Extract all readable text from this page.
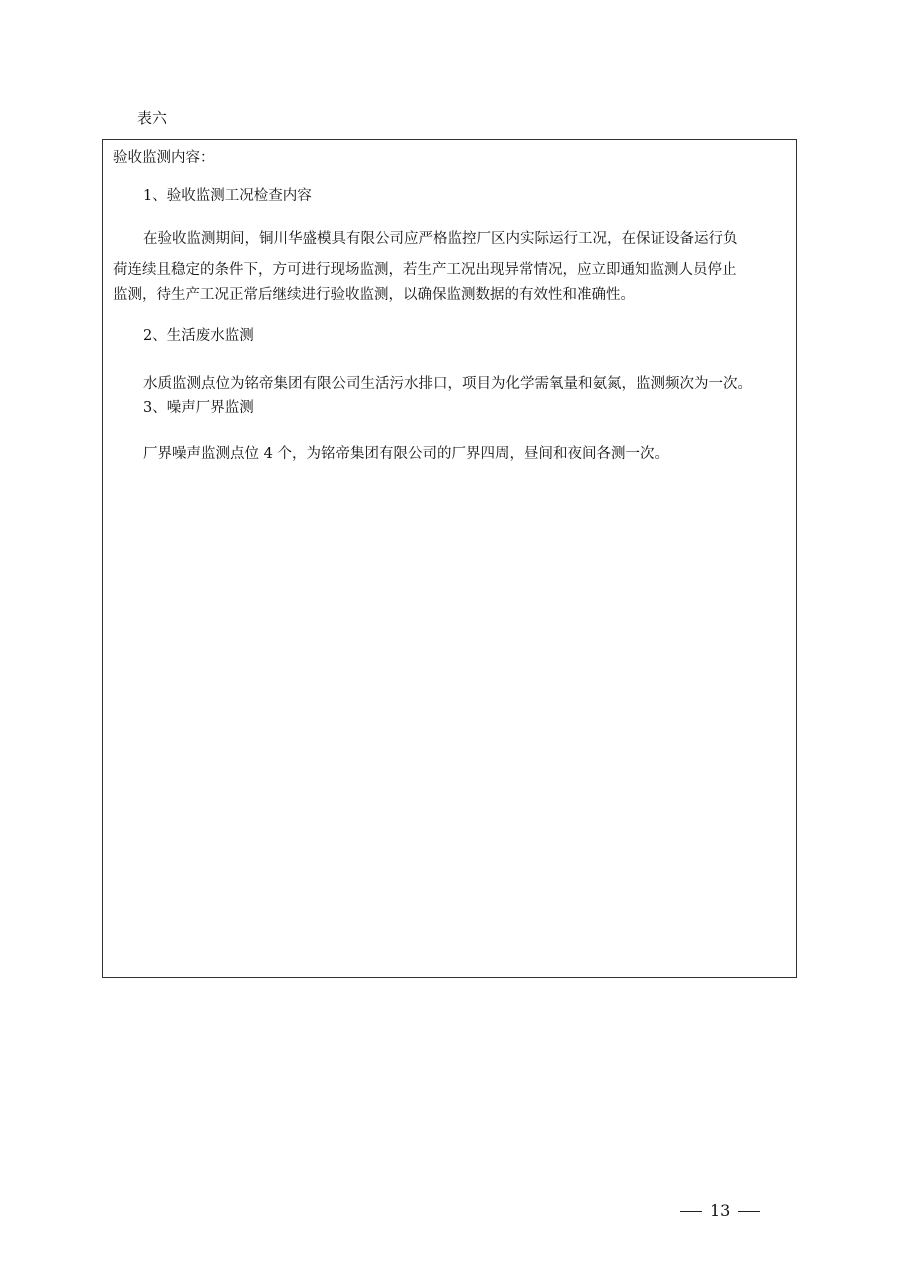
表六
验收监测内容：
1、验收监测工况检查内容
在验收监测期间，铜川华盛模具有限公司应严格监控厂区内实际运行工况，在保证设备运行负
荷连续且稳定的条件下，方可进行现场监测，若生产工况出现异常情况，应立即通知监测人员停止
监测，待生产工况正常后继续进行验收监测，以确保监测数据的有效性和准确性。
2、生活废水监测
水质监测点位为铭帝集团有限公司生活污水排口，项目为化学需氧量和氨氮，监测频次为一次。
3、噪声厂界监测
厂界噪声监测点位 4 个，为铭帝集团有限公司的厂界四周，昼间和夜间各测一次。
13
